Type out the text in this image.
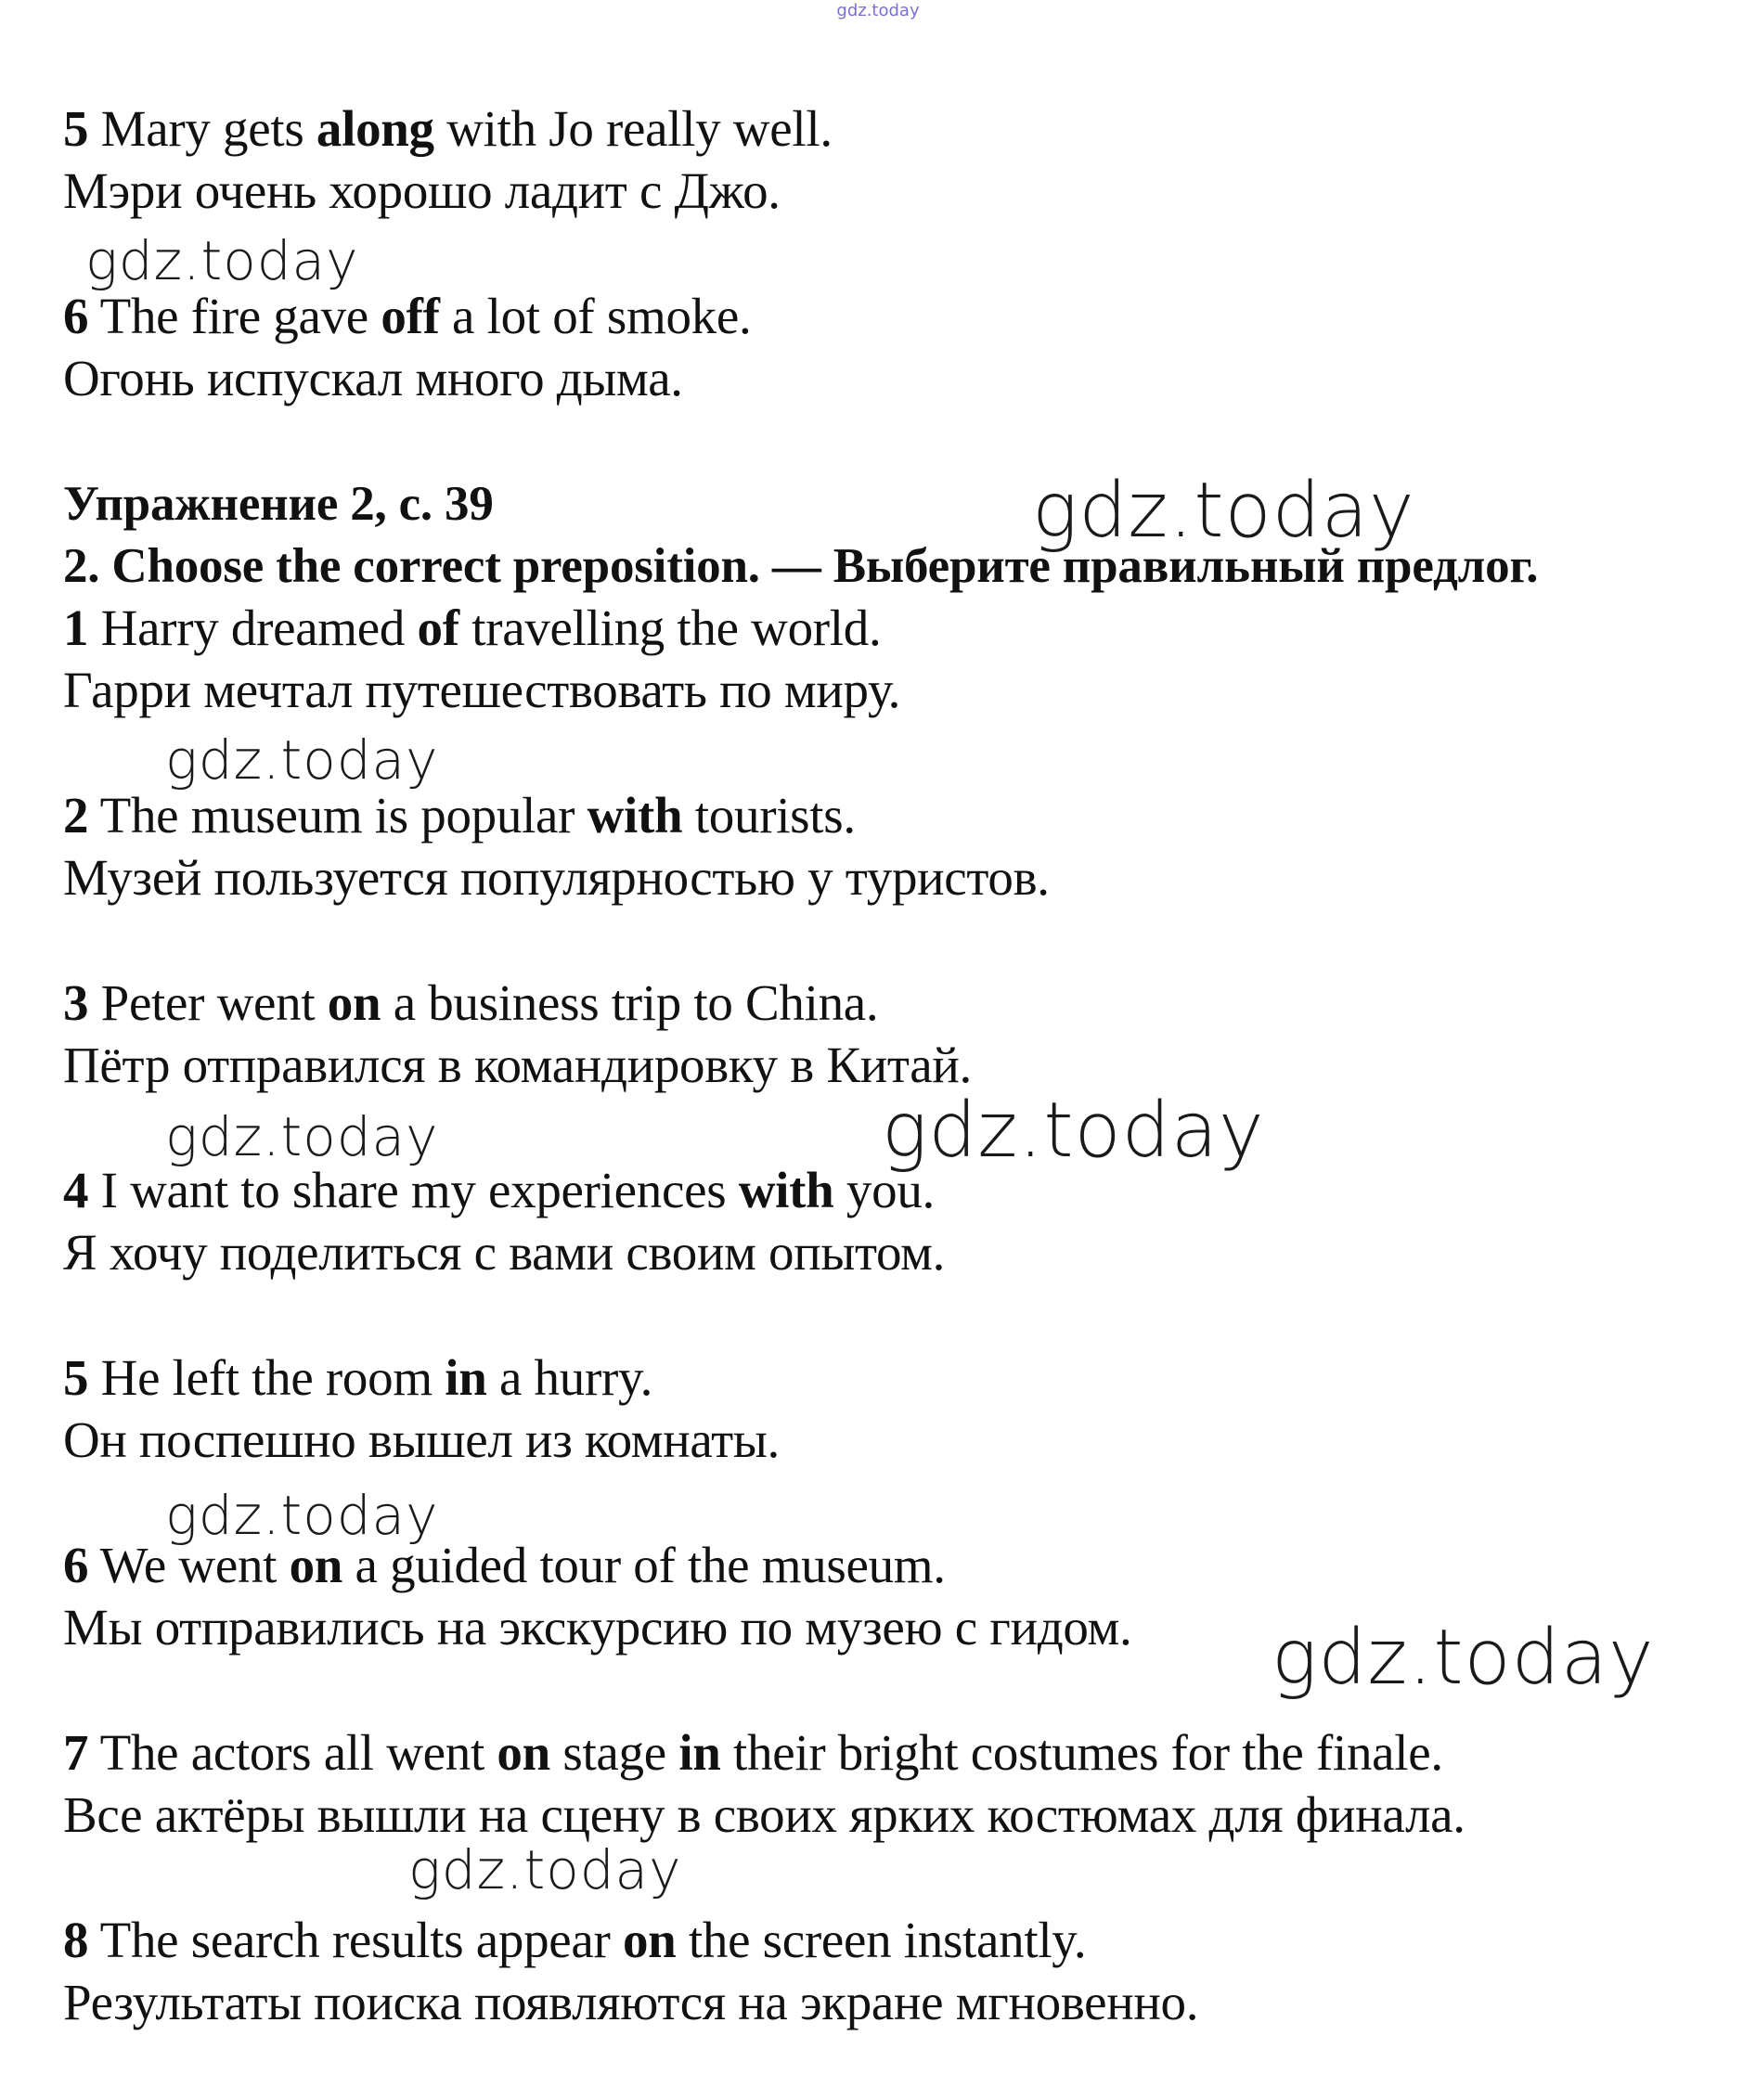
gdz.today
5 Mary gets along with Jo really well.
Мэри очень хорошо ладит с Джо.
6 The fire gave off a lot of smoke.
Огонь испускал много дыма.
Упражнение 2, с. 39
2. Choose the correct preposition. — Выберите правильный предлог.
1 Harry dreamed of travelling the world.
Гарри мечтал путешествовать по миру.
2 The museum is popular with tourists.
Музей пользуется популярностью у туристов.
3 Peter went on a business trip to China.
Пётр отправился в командировку в Китай.
4 I want to share my experiences with you.
Я хочу поделиться с вами своим опытом.
5 He left the room in a hurry.
Он поспешно вышел из комнаты.
6 We went on a guided tour of the museum.
Мы отправились на экскурсию по музею с гидом.
7 The actors all went on stage in their bright costumes for the finale.
Все актёры вышли на сцену в своих ярких костюмах для финала.
8 The search results appear on the screen instantly.
Результаты поиска появляются на экране мгновенно.
gdz.today
gdz.today
gdz.today
gdz.today
gdz.today
gdz.today
gdz.today
gdz.today
